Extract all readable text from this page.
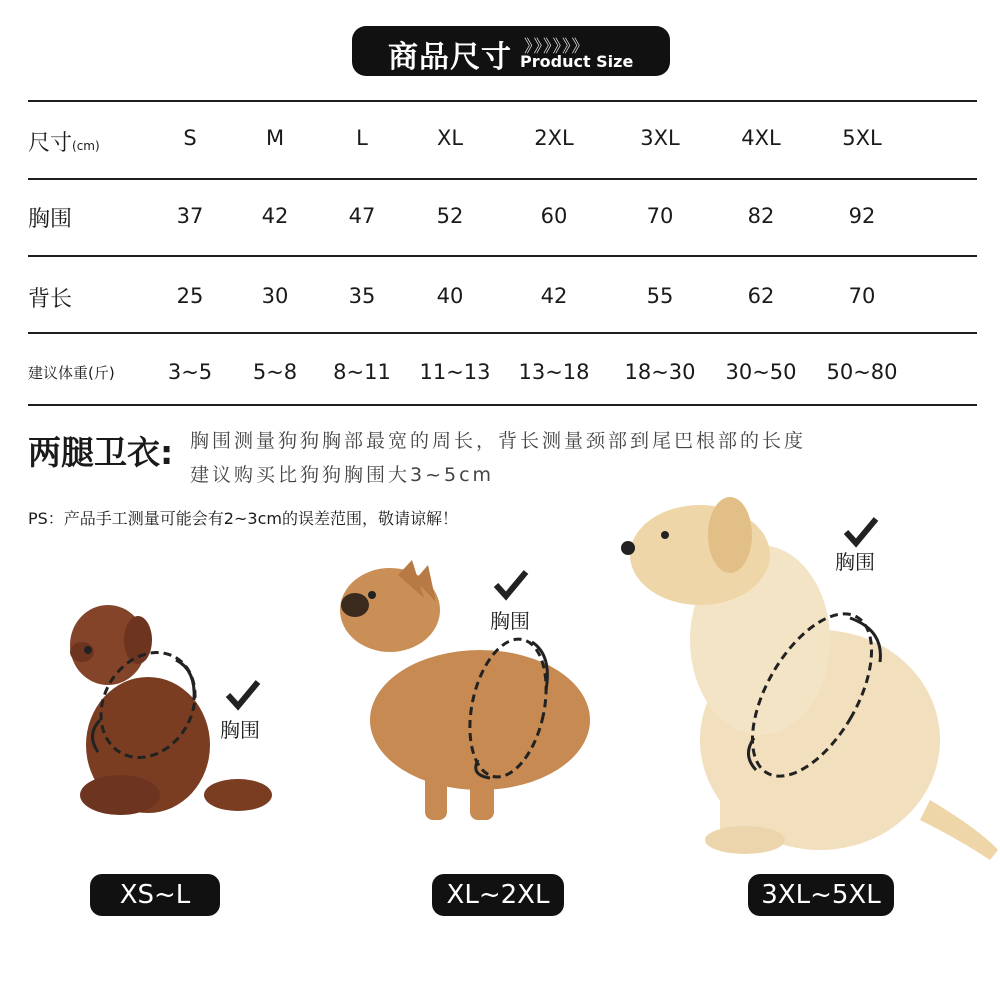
商品尺寸 》》》》》》
Product Size
尺寸(cm)	S	M	L	XL	2XL	3XL	4XL	5XL
胸围	37	42	47	52	60	70	82	92
背长	25	30	35	40	42	55	62	70
建议体重(斤)	3~5	5~8	8~11	11~13	13~18	18~30	30~50	50~80
两腿卫衣: 胸围测量狗狗胸部最宽的周长，背长测量颈部到尾巴根部的长度
建议购买比狗狗胸围大3~5cm
PS：产品手工测量可能会有2~3cm的误差范围，敬请谅解！
胸围
胸围
胸围
XS~L	XL~2XL	3XL~5XL
